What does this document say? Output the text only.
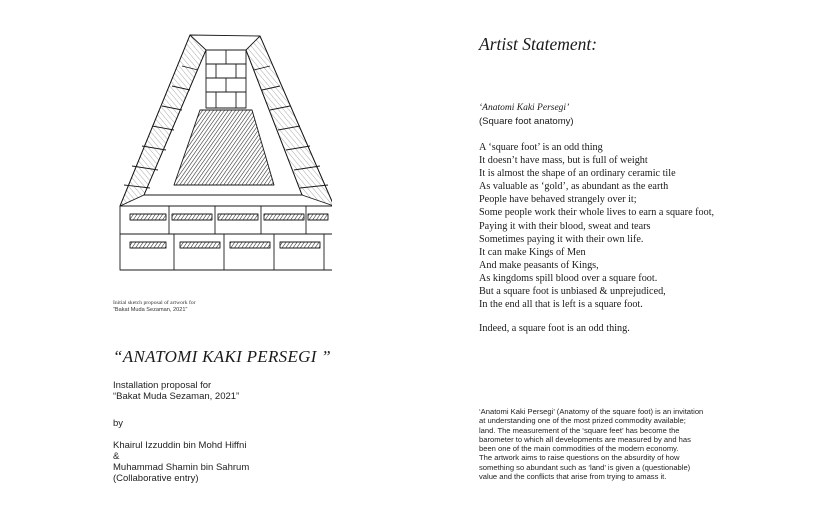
Initial sketch proposal of artwork for
“Bakat Muda Sezaman, 2021”
“ANATOMI KAKI PERSEGI ”
Installation proposal for
“Bakat Muda Sezaman, 2021”
by
Khairul Izzuddin bin Mohd Hiffni
&
Muhammad Shamin bin Sahrum
(Collaborative entry)
Artist Statement:
‘Anatomi Kaki Persegi’
(Square foot anatomy)
A ‘square foot’ is an odd thing
It doesn’t have mass, but is full of weight
It is almost the shape of an ordinary ceramic tile
As valuable as ‘gold’, as abundant as the earth
People have behaved strangely over it;
Some people work their whole lives to earn a square foot,
Paying it with their blood, sweat and tears
Sometimes paying it with their own life.
It can make Kings of Men
And make peasants of Kings,
As kingdoms spill blood over a square foot.
But a square foot is unbiased & unprejudiced,
In the end all that is left is a square foot.
Indeed, a square foot is an odd thing.
‘Anatomi Kaki Persegi’ (Anatomy of the square foot) is an invitation
at understanding one of the most prized commodity available;
land. The measurement of the ‘square feet’ has become the
barometer to which all developments are measured by and has
been one of the main commodities of the modern economy.
The artwork aims to raise questions on the absurdity of how
something so abundant such as ‘land’ is given a (questionable)
value and the conflicts that arise from trying to amass it.
